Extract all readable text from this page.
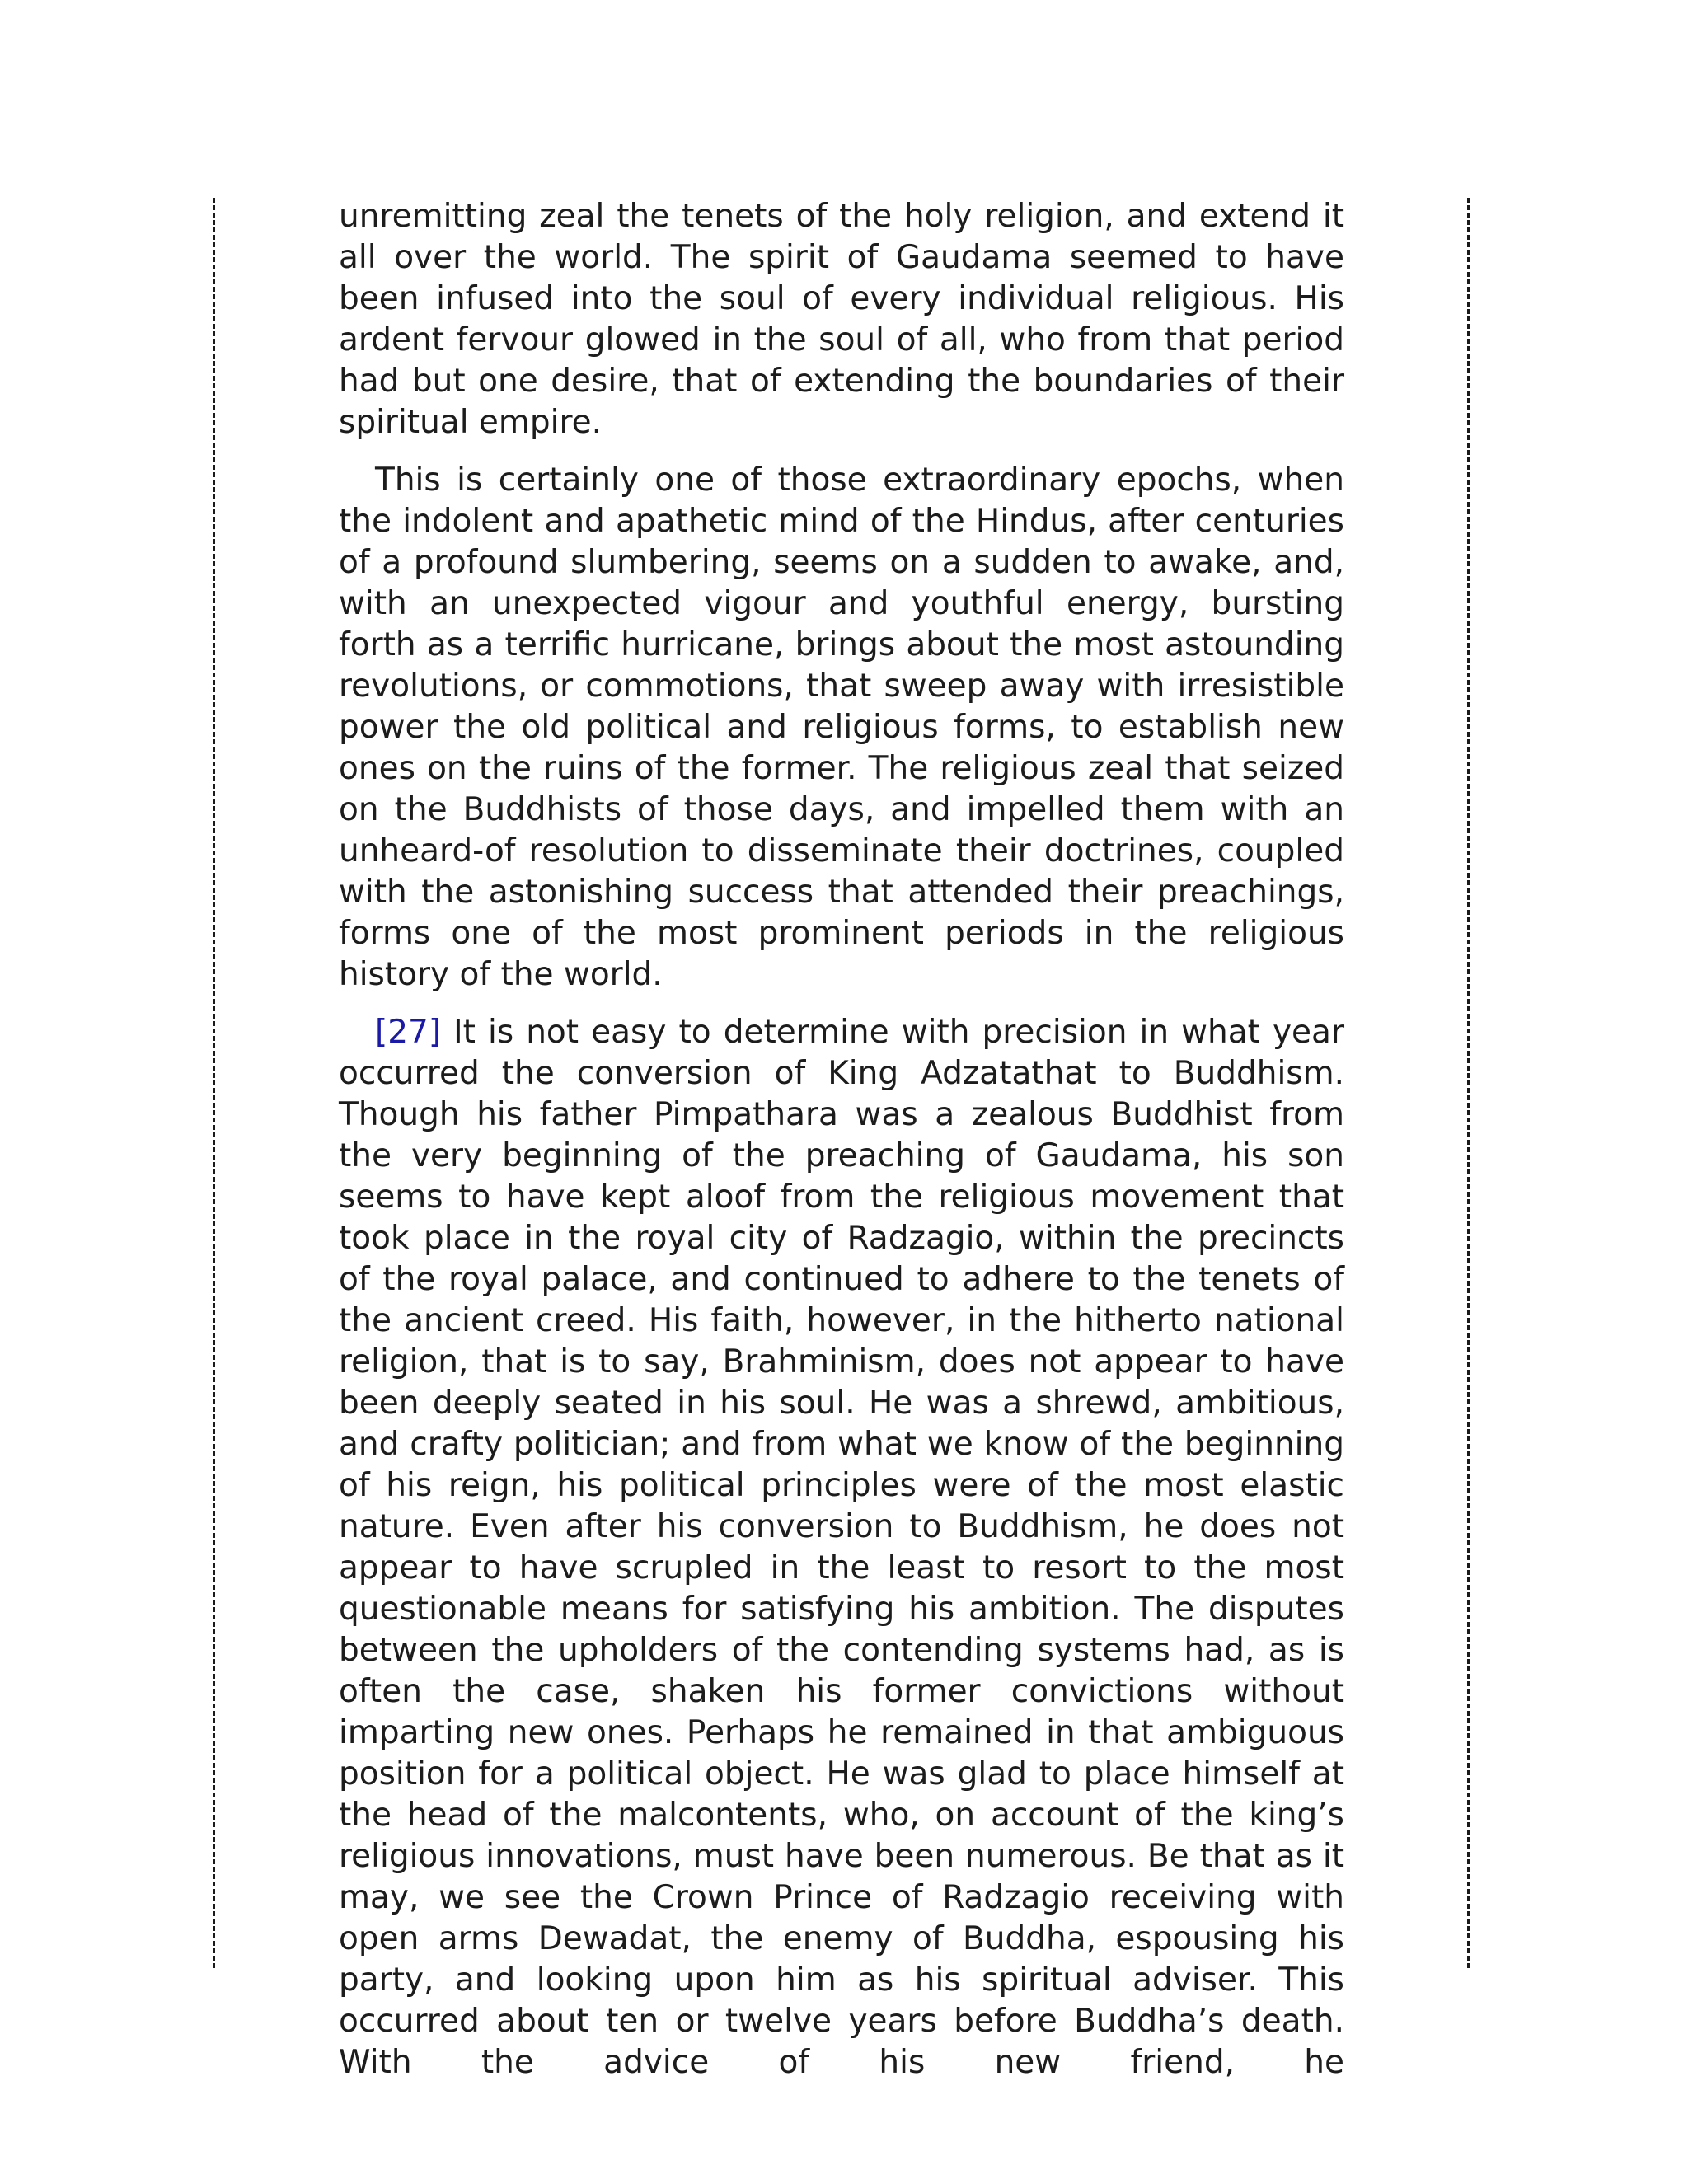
unremitting zeal the tenets of the holy religion, and extend it all over the world. The spirit of Gaudama seemed to have been infused into the soul of every individual religious. His ardent fervour glowed in the soul of all, who from that period had but one desire, that of extending the boundaries of their spiritual empire.

This is certainly one of those extraordinary epochs, when the indolent and apathetic mind of the Hindus, after centuries of a profound slumbering, seems on a sudden to awake, and, with an unexpected vigour and youthful energy, bursting forth as a terrific hurricane, brings about the most astounding revolutions, or commotions, that sweep away with irresistible power the old political and religious forms, to establish new ones on the ruins of the former. The religious zeal that seized on the Buddhists of those days, and impelled them with an unheard-of resolution to disseminate their doctrines, coupled with the astonishing success that attended their preachings, forms one of the most prominent periods in the religious history of the world.

[27] It is not easy to determine with precision in what year occurred the conversion of King Adzatathat to Buddhism. Though his father Pimpathara was a zealous Buddhist from the very beginning of the preaching of Gaudama, his son seems to have kept aloof from the religious movement that took place in the royal city of Radzagio, within the precincts of the royal palace, and continued to adhere to the tenets of the ancient creed. His faith, however, in the hitherto national religion, that is to say, Brahminism, does not appear to have been deeply seated in his soul. He was a shrewd, ambitious, and crafty politician; and from what we know of the beginning of his reign, his political principles were of the most elastic nature. Even after his conversion to Buddhism, he does not appear to have scrupled in the least to resort to the most questionable means for satisfying his ambition. The disputes between the upholders of the contending systems had, as is often the case, shaken his former convictions without imparting new ones. Perhaps he remained in that ambiguous position for a political object. He was glad to place himself at the head of the malcontents, who, on account of the king’s religious innovations, must have been numerous. Be that as it may, we see the Crown Prince of Radzagio receiving with open arms Dewadat, the enemy of Buddha, espousing his party, and looking upon him as his spiritual adviser. This occurred about ten or twelve years before Buddha’s death. With the advice of his new friend, he
